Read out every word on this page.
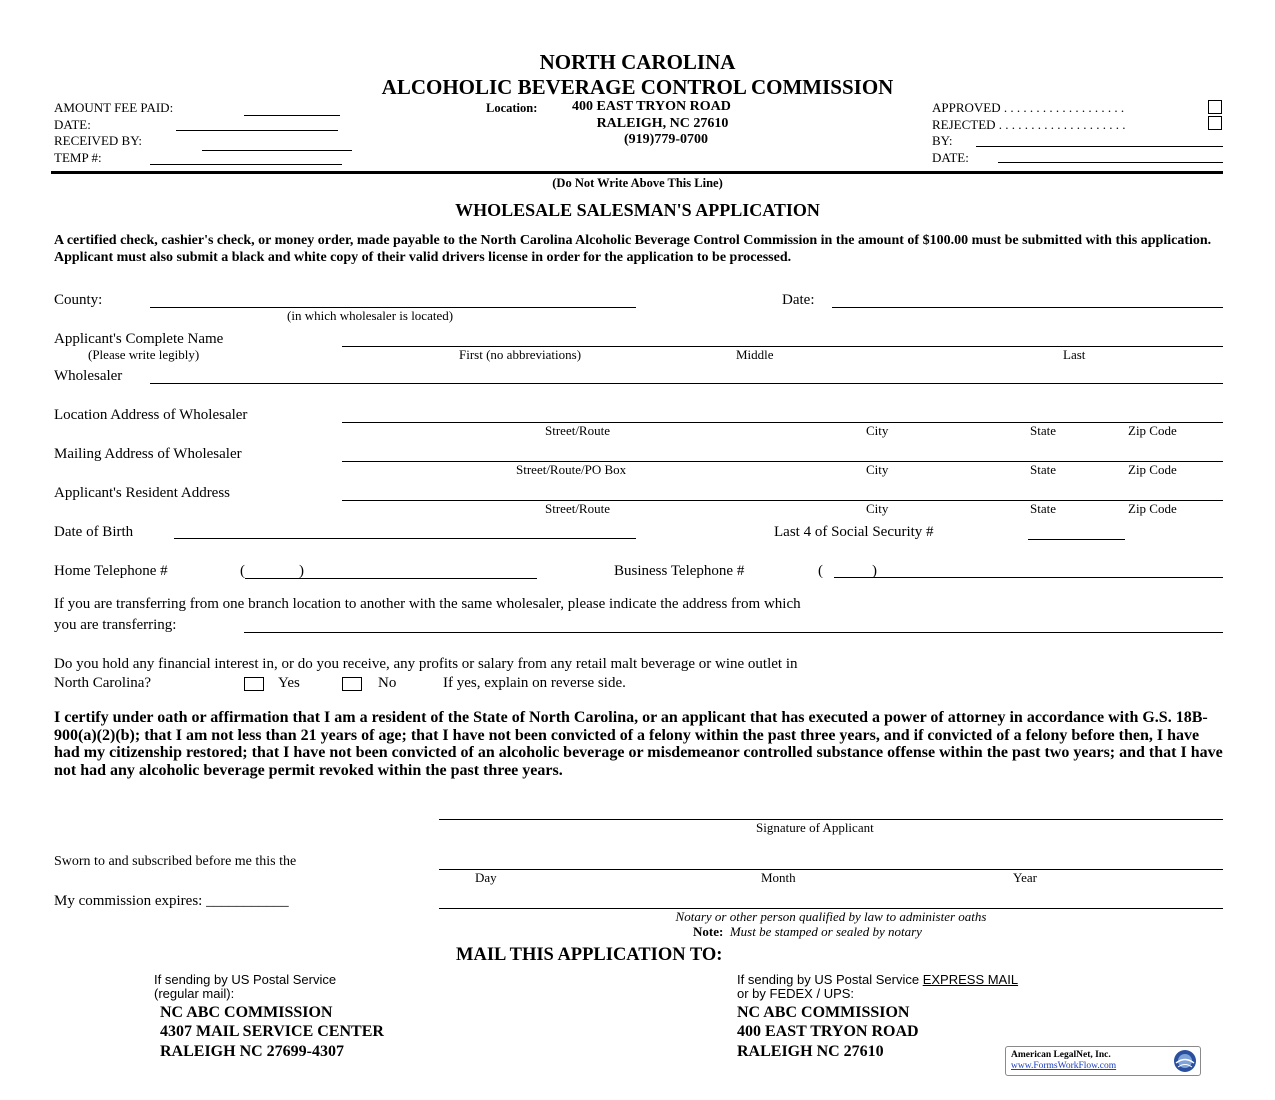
NORTH CAROLINA
ALCOHOLIC BEVERAGE CONTROL COMMISSION
AMOUNT FEE PAID:
DATE:
RECEIVED BY:
TEMP #:
Location: 400 EAST TRYON ROAD
RALEIGH, NC 27610
(919)779-0700
APPROVED . . . . . . . . . . . . . . . . . . .
REJECTED . . . . . . . . . . . . . . . . . . . .
BY:
DATE:
(Do Not Write Above This Line)
WHOLESALE SALESMAN'S APPLICATION
A certified check, cashier's check, or money order, made payable to the North Carolina Alcoholic Beverage Control Commission in the amount of $100.00 must be submitted with this application. Applicant must also submit a black and white copy of their valid drivers license in order for the application to be processed.
County:
(in which wholesaler is located)
Date:
Applicant's Complete Name
(Please write legibly)	First (no abbreviations)	Middle	Last
Wholesaler
Location Address of Wholesaler
Street/Route	City	State	Zip Code
Mailing Address of Wholesaler
Street/Route/PO Box	City	State	Zip Code
Applicant's Resident Address
Street/Route	City	State	Zip Code
Date of Birth	Last 4 of Social Security #
Home Telephone #	(	)	Business Telephone #	(	)
If you are transferring from one branch location to another with the same wholesaler, please indicate the address from which
you are transferring:
Do you hold any financial interest in, or do you receive, any profits or salary from any retail malt beverage or wine outlet in
North Carolina?	Yes	No	If yes, explain on reverse side.
I certify under oath or affirmation that I am a resident of the State of North Carolina, or an applicant that has executed a power of attorney in accordance with G.S. 18B-900(a)(2)(b); that I am not less than 21 years of age; that I have not been convicted of a felony within the past three years, and if convicted of a felony before then, I have had my citizenship restored; that I have not been convicted of an alcoholic beverage or misdemeanor controlled substance offense within the past two years; and that I have not had any alcoholic beverage permit revoked within the past three years.
Signature of Applicant
Sworn to and subscribed before me this the
Day	Month	Year
My commission expires: ___________
Notary or other person qualified by law to administer oaths
Note: Must be stamped or sealed by notary
MAIL THIS APPLICATION TO:
If sending by US Postal Service
(regular mail):
NC ABC COMMISSION
4307 MAIL SERVICE CENTER
RALEIGH NC 27699-4307
If sending by US Postal Service EXPRESS MAIL
or by FEDEX / UPS:
NC ABC COMMISSION
400 EAST TRYON ROAD
RALEIGH NC 27610	American LegalNet, Inc.
www.FormsWorkFlow.com
